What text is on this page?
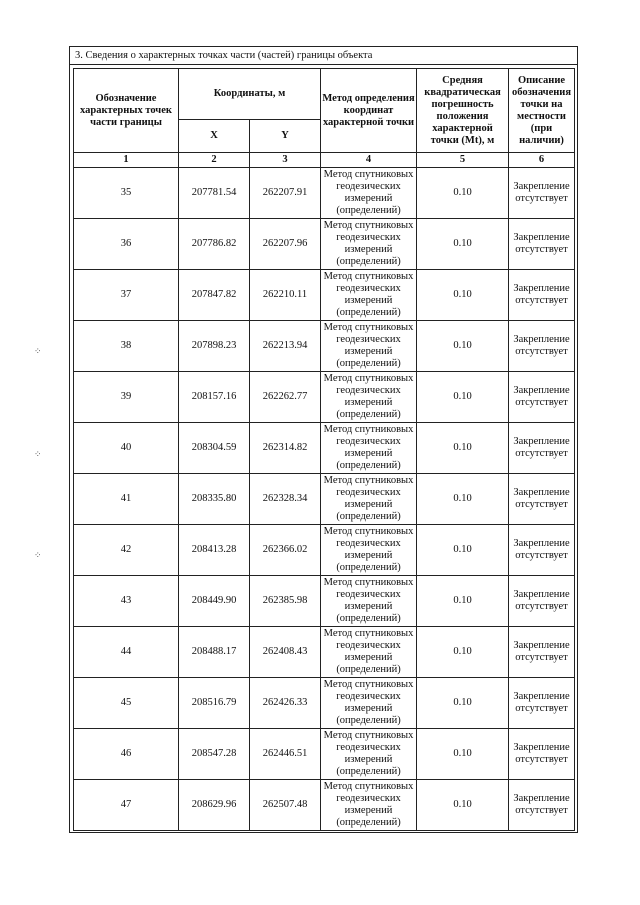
⁘
⁘
⁘
3. Сведения о характерных точках части (частей) границы объекта
Обозначение характерных точек части границы	Координаты, м		Метод определения координат характерной точки	Средняя квадратическая погрешность положения характерной точки (Mt), м	Описание обозначения точки на местности (при наличии)
	X	Y			
1	2	3	4	5	6
35	207781.54	262207.91	Метод спутниковых геодезических измерений (определений)	0.10	Закрепление отсутствует
36	207786.82	262207.96	Метод спутниковых геодезических измерений (определений)	0.10	Закрепление отсутствует
37	207847.82	262210.11	Метод спутниковых геодезических измерений (определений)	0.10	Закрепление отсутствует
38	207898.23	262213.94	Метод спутниковых геодезических измерений (определений)	0.10	Закрепление отсутствует
39	208157.16	262262.77	Метод спутниковых геодезических измерений (определений)	0.10	Закрепление отсутствует
40	208304.59	262314.82	Метод спутниковых геодезических измерений (определений)	0.10	Закрепление отсутствует
41	208335.80	262328.34	Метод спутниковых геодезических измерений (определений)	0.10	Закрепление отсутствует
42	208413.28	262366.02	Метод спутниковых геодезических измерений (определений)	0.10	Закрепление отсутствует
43	208449.90	262385.98	Метод спутниковых геодезических измерений (определений)	0.10	Закрепление отсутствует
44	208488.17	262408.43	Метод спутниковых геодезических измерений (определений)	0.10	Закрепление отсутствует
45	208516.79	262426.33	Метод спутниковых геодезических измерений (определений)	0.10	Закрепление отсутствует
46	208547.28	262446.51	Метод спутниковых геодезических измерений (определений)	0.10	Закрепление отсутствует
47	208629.96	262507.48	Метод спутниковых геодезических измерений (определений)	0.10	Закрепление отсутствует
